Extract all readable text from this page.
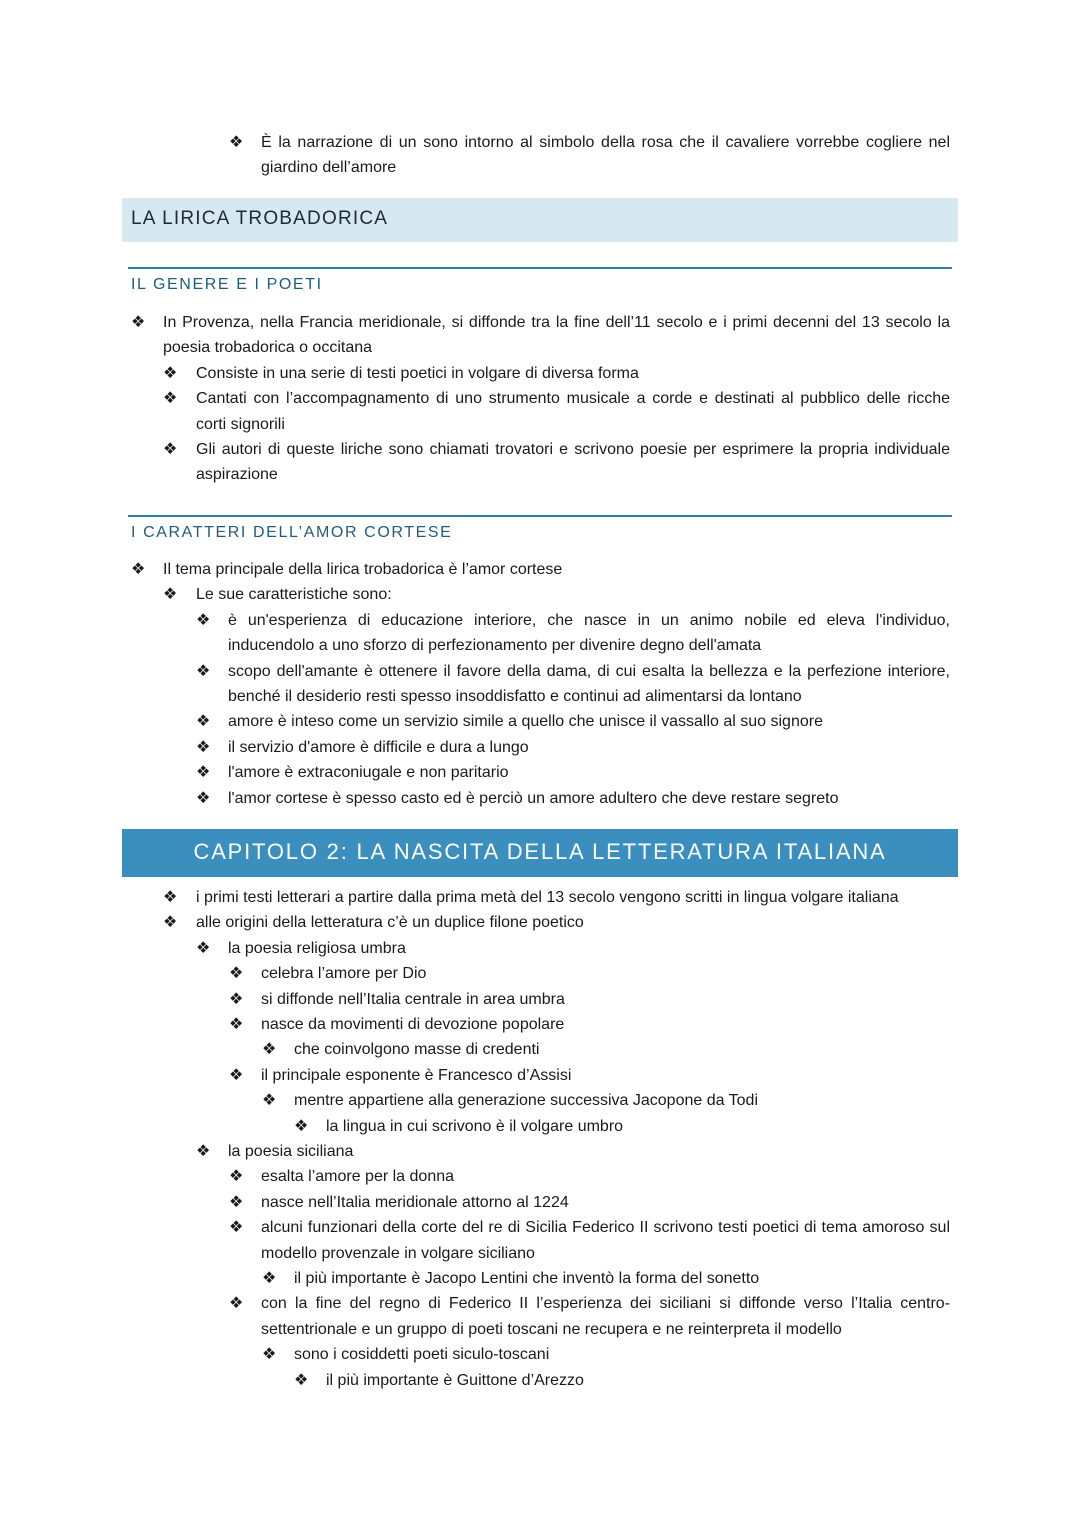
❖	È la narrazione di un sono intorno al simbolo della rosa che il cavaliere vorrebbe cogliere nel giardino dell’amore
LA LIRICA TROBADORICA
IL GENERE E I POETI
❖	In Provenza, nella Francia meridionale, si diffonde tra la fine dell’11 secolo e i primi decenni del 13 secolo la poesia trobadorica o occitana
❖	Consiste in una serie di testi poetici in volgare di diversa forma
❖	Cantati con l’accompagnamento di uno strumento musicale a corde e destinati al pubblico delle ricche corti signorili
❖	Gli autori di queste liriche sono chiamati trovatori e scrivono poesie per esprimere la propria individuale aspirazione
I CARATTERI DELL’AMOR CORTESE
❖	Il tema principale della lirica trobadorica è l’amor cortese
❖	Le sue caratteristiche sono:
❖	è un'esperienza di educazione interiore, che nasce in un animo nobile ed eleva l'individuo, inducendolo a uno sforzo di perfezionamento per divenire degno dell'amata
❖	scopo dell'amante è ottenere il favore della dama, di cui esalta la bellezza e la perfezione interiore, benché il desiderio resti spesso insoddisfatto e continui ad alimentarsi da lontano
❖	amore è inteso come un servizio simile a quello che unisce il vassallo al suo signore
❖	il servizio d'amore è difficile e dura a lungo
❖	l'amore è extraconiugale e non paritario
❖	l'amor cortese è spesso casto ed è perciò un amore adultero che deve restare segreto
CAPITOLO 2: LA NASCITA DELLA LETTERATURA ITALIANA
❖	i primi testi letterari a partire dalla prima metà del 13 secolo vengono scritti in lingua volgare italiana
❖	alle origini della letteratura c’è un duplice filone poetico
❖	la poesia religiosa umbra
❖	celebra l’amore per Dio
❖	si diffonde nell’Italia centrale in area umbra
❖	nasce da movimenti di devozione popolare
❖	che coinvolgono masse di credenti
❖	il principale esponente è Francesco d’Assisi
❖	mentre appartiene alla generazione successiva Jacopone da Todi
❖	la lingua in cui scrivono è il volgare umbro
❖	la poesia siciliana
❖	esalta l’amore per la donna
❖	nasce nell’Italia meridionale attorno al 1224
❖	alcuni funzionari della corte del re di Sicilia Federico II scrivono testi poetici di tema amoroso sul modello provenzale in volgare siciliano
❖	il più importante è Jacopo Lentini che inventò la forma del sonetto
❖	con la fine del regno di Federico II l’esperienza dei siciliani si diffonde verso l’Italia centro-settentrionale e un gruppo di poeti toscani ne recupera e ne reinterpreta il modello
❖	sono i cosiddetti poeti siculo-toscani
❖	il più importante è Guittone d’Arezzo
